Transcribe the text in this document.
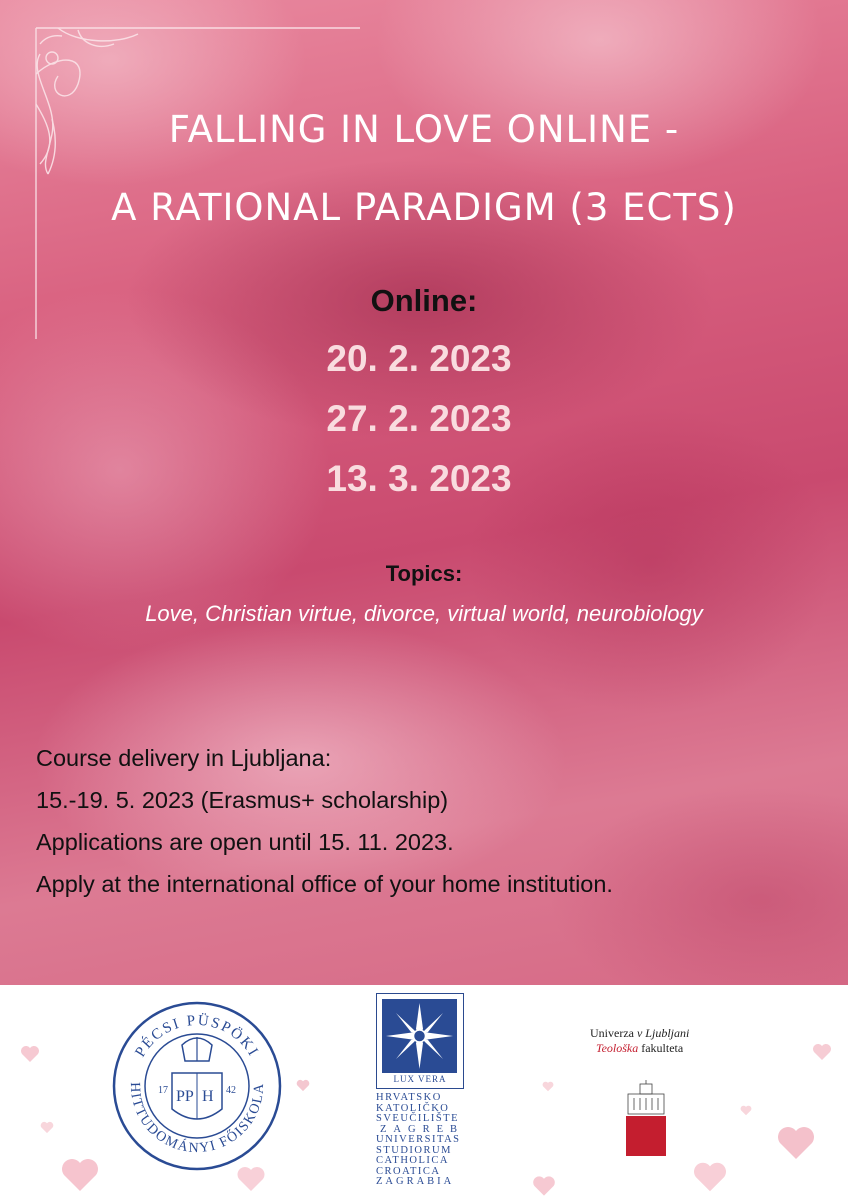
FALLING IN LOVE ONLINE -
A RATIONAL PARADIGM (3 ECTS)
Online:
20. 2. 2023
27. 2. 2023
13. 3. 2023
Topics:
Love, Christian virtue, divorce, virtual world, neurobiology
Course delivery in Ljubljana:
15.-19. 5. 2023 (Erasmus+ scholarship)
Applications are open until 15. 11. 2023.
Apply at the international office of your home institution.
PÉCSI PÜSPÖKI
HITTUDOMÁNYI FŐISKOLA
17	42
PP H
LUX VERA
HRVATSKO
KATOLIČKO
SVEUČILIŠTE
ZAGREB
UNIVERSITAS
STUDIORUM
CATHOLICA
CROATICA
ZAGRABIA
Univerza v Ljubljani
Teološka fakulteta
